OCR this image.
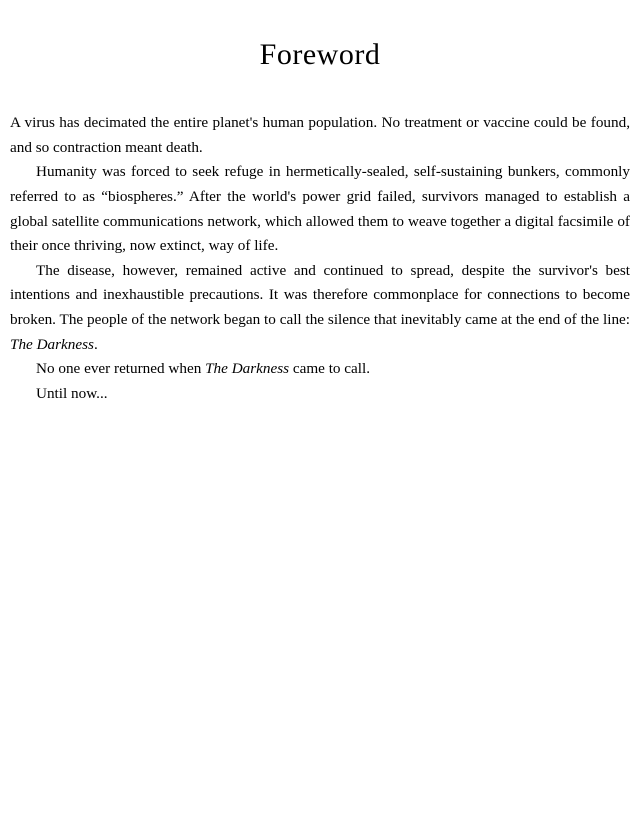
Foreword

A virus has decimated the entire planet's human population. No treatment or vaccine could be found, and so contraction meant death.

Humanity was forced to seek refuge in hermetically-sealed, self-sustaining bunkers, commonly referred to as “biospheres.” After the world's power grid failed, survivors managed to establish a global satellite communications network, which allowed them to weave together a digital facsimile of their once thriving, now extinct, way of life.

The disease, however, remained active and continued to spread, despite the survivor's best intentions and inexhaustible precautions. It was therefore commonplace for connections to become broken. The people of the network began to call the silence that inevitably came at the end of the line: The Darkness.

No one ever returned when The Darkness came to call.

Until now...
